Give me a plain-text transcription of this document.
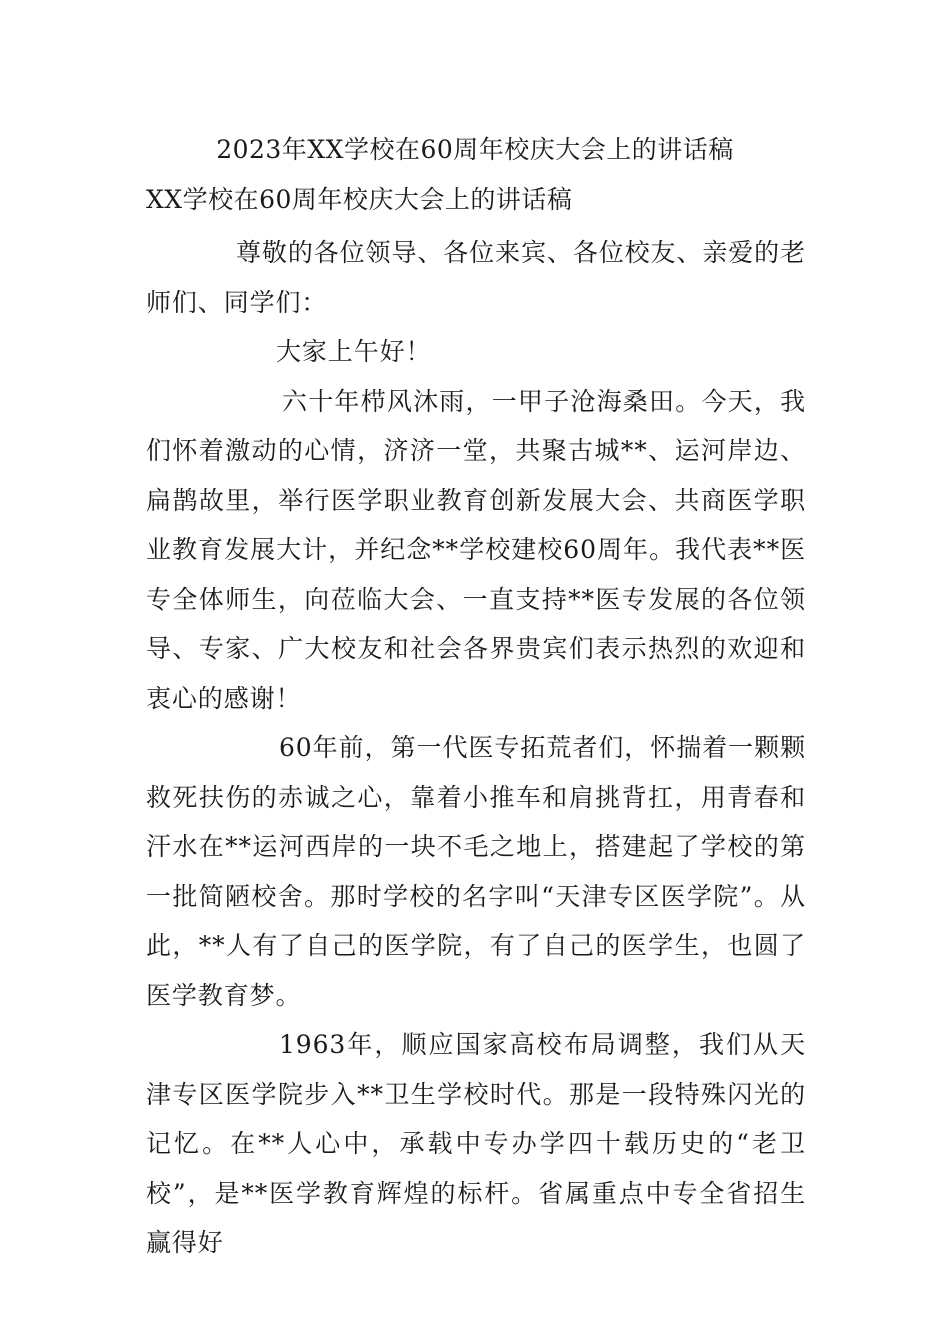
2023年XX学校在60周年校庆大会上的讲话稿
XX学校在60周年校庆大会上的讲话稿

尊敬的各位领导、各位来宾、各位校友、亲爱的老师们、同学们：

大家上午好！

六十年栉风沐雨，一甲子沧海桑田。今天，我们怀着激动的心情，济济一堂，共聚古城**、运河岸边、扁鹊故里，举行医学职业教育创新发展大会、共商医学职业教育发展大计，并纪念**学校建校60周年。我代表**医专全体师生，向莅临大会、一直支持**医专发展的各位领导、专家、广大校友和社会各界贵宾们表示热烈的欢迎和衷心的感谢！

60年前，第一代医专拓荒者们，怀揣着一颗颗救死扶伤的赤诚之心，靠着小推车和肩挑背扛，用青春和汗水在**运河西岸的一块不毛之地上，搭建起了学校的第一批简陋校舍。那时学校的名字叫“天津专区医学院”。从此，**人有了自己的医学院，有了自己的医学生，也圆了医学教育梦。

1963年，顺应国家高校布局调整，我们从天津专区医学院步入**卫生学校时代。那是一段特殊闪光的记忆。在**人心中，承载中专办学四十载历史的“老卫校”，是**医学教育辉煌的标杆。省属重点中专全省招生赢得好
